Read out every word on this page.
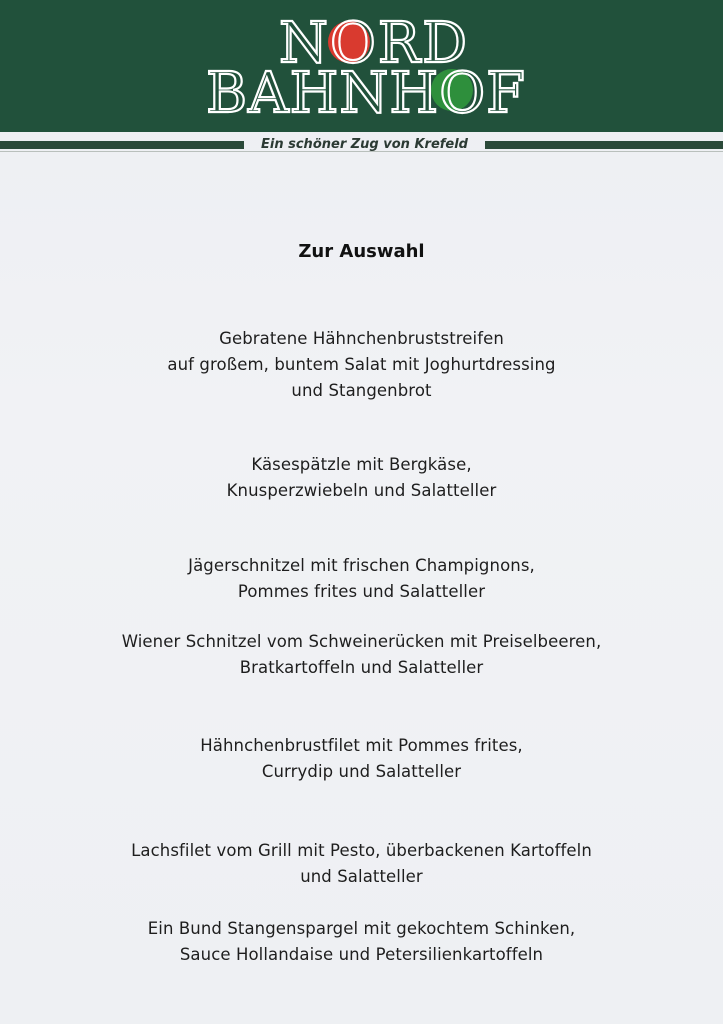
NORD
BAHNHOF
Ein schöner Zug von Krefeld
Zur Auswahl
Gebratene Hähnchenbruststreifen
auf großem, buntem Salat mit Joghurtdressing
und Stangenbrot
Käsespätzle mit Bergkäse,
Knusperzwiebeln und Salatteller
Jägerschnitzel mit frischen Champignons,
Pommes frites und Salatteller
Wiener Schnitzel vom Schweinerücken mit Preiselbeeren,
Bratkartoffeln und Salatteller
Hähnchenbrustfilet mit Pommes frites,
Currydip und Salatteller
Lachsfilet vom Grill mit Pesto, überbackenen Kartoffeln
und Salatteller
Ein Bund Stangenspargel mit gekochtem Schinken,
Sauce Hollandaise und Petersilienkartoffeln
